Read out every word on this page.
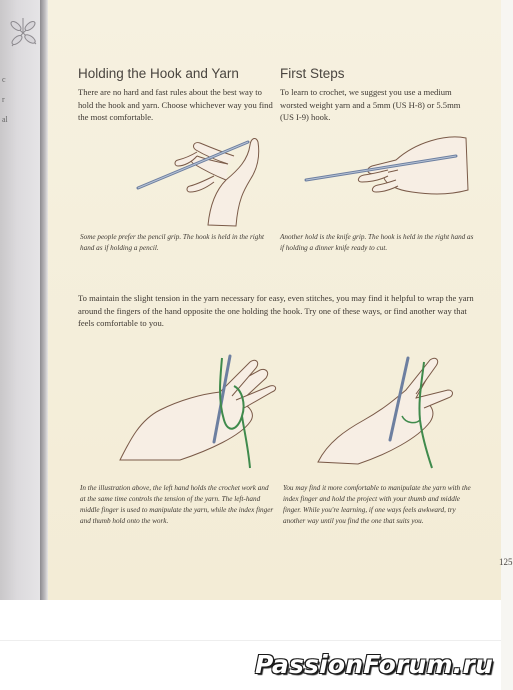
c
r
al
Holding the Hook and Yarn

There are no hard and fast rules about the best way to hold the hook and yarn. Choose whichever way you find the most comfortable.

First Steps

To learn to crochet, we suggest you use a medium worsted weight yarn and a 5mm (US H-8) or 5.5mm (US I-9) hook.

Some people prefer the pencil grip. The hook is held in the right hand as if holding a pencil.

Another hold is the knife grip. The hook is held in the right hand as if holding a dinner knife ready to cut.

To maintain the slight tension in the yarn necessary for easy, even stitches, you may find it helpful to wrap the yarn around the fingers of the hand opposite the one holding the hook. Try one of these ways, or find another way that feels comfortable to you.

In the illustration above, the left hand holds the crochet work and at the same time controls the tension of the yarn. The left-hand middle finger is used to manipulate the yarn, while the index finger and thumb hold onto the work.

You may find it more comfortable to manipulate the yarn with the index finger and hold the project with your thumb and middle finger. While you're learning, if one ways feels awkward, try another way until you find the one that suits you.

125
PassionForum.ru
